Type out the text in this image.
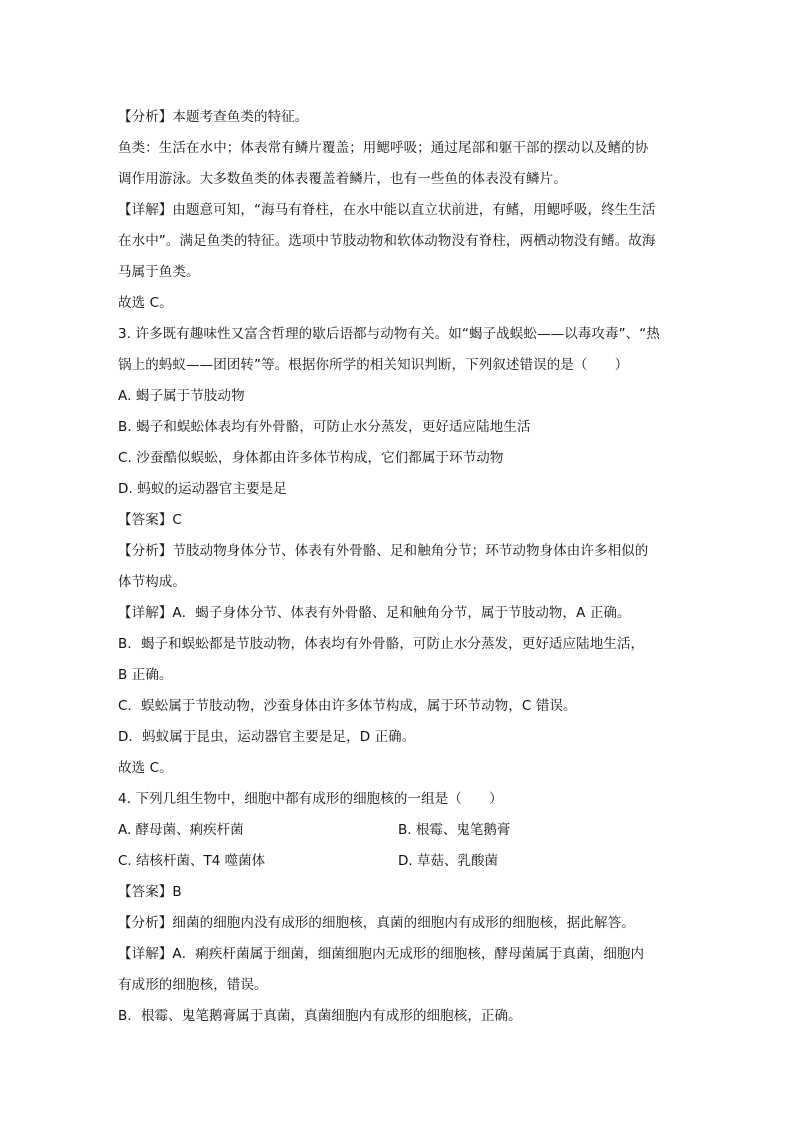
【分析】本题考查鱼类的特征。
鱼类：生活在水中；体表常有鳞片覆盖；用鳃呼吸；通过尾部和躯干部的摆动以及鳍的协
调作用游泳。大多数鱼类的体表覆盖着鳞片，也有一些鱼的体表没有鳞片。
【详解】由题意可知，“海马有脊柱，在水中能以直立状前进，有鳍，用鳃呼吸，终生生活
在水中”。满足鱼类的特征。选项中节肢动物和软体动物没有脊柱，两栖动物没有鳍。故海
马属于鱼类。
故选 C。
3. 许多既有趣味性又富含哲理的歇后语都与动物有关。如“蝎子战蜈蚣——以毒攻毒”、“热
锅上的蚂蚁——团团转”等。根据你所学的相关知识判断，下列叙述错误的是（　　）
A. 蝎子属于节肢动物
B. 蝎子和蜈蚣体表均有外骨骼，可防止水分蒸发，更好适应陆地生活
C. 沙蚕酷似蜈蚣，身体都由许多体节构成，它们都属于环节动物
D. 蚂蚁的运动器官主要是足
【答案】C
【分析】节肢动物身体分节、体表有外骨骼、足和触角分节；环节动物身体由许多相似的
体节构成。
【详解】A．蝎子身体分节、体表有外骨骼、足和触角分节，属于节肢动物，A 正确。
B．蝎子和蜈蚣都是节肢动物，体表均有外骨骼，可防止水分蒸发，更好适应陆地生活，
B 正确。
C．蜈蚣属于节肢动物，沙蚕身体由许多体节构成，属于环节动物，C 错误。
D．蚂蚁属于昆虫，运动器官主要是足，D 正确。
故选 C。
4. 下列几组生物中，细胞中都有成形的细胞核的一组是（　　）
A. 酵母菌、痢疾杆菌	B. 根霉、鬼笔鹅膏
C. 结核杆菌、T4 噬菌体	D. 草菇、乳酸菌
【答案】B
【分析】细菌的细胞内没有成形的细胞核，真菌的细胞内有成形的细胞核，据此解答。
【详解】A．痢疾杆菌属于细菌，细菌细胞内无成形的细胞核，酵母菌属于真菌，细胞内
有成形的细胞核，错误。
B．根霉、鬼笔鹅膏属于真菌，真菌细胞内有成形的细胞核，正确。
